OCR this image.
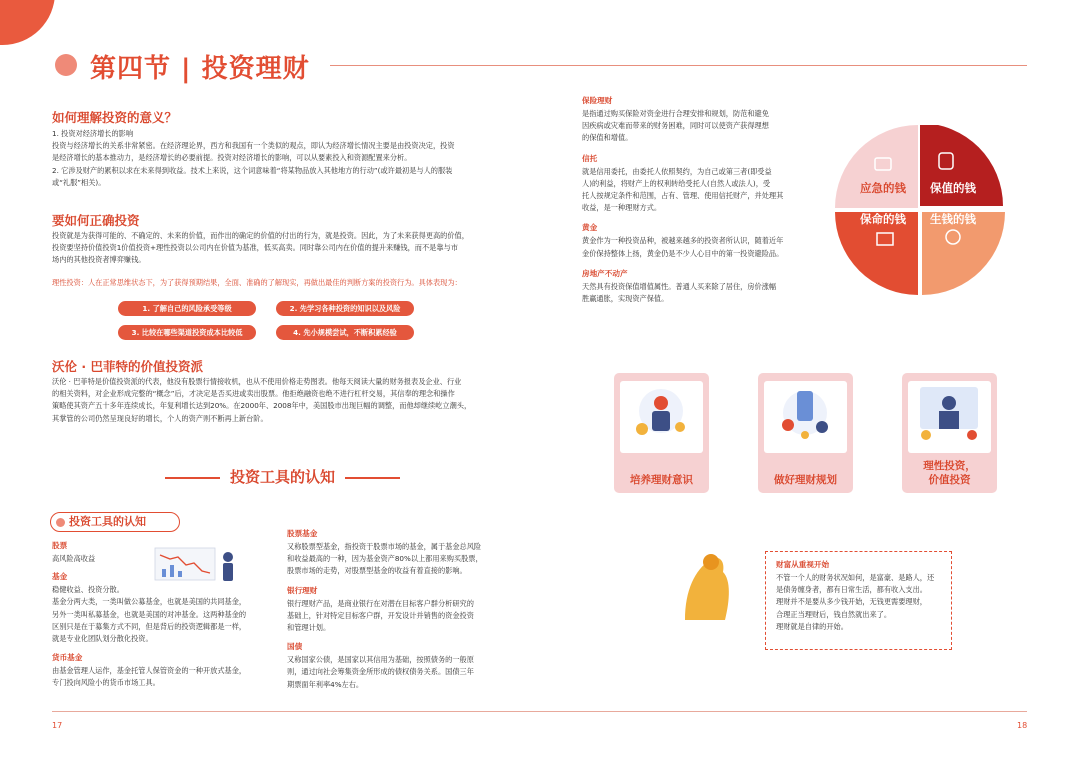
第四节 | 投资理财
如何理解投资的意义？
1. 投资对经济增长的影响
投资与经济增长的关系非常紧密。在经济理论界，西方和我国有一个类似的观点，即认为经济增长情况主要是由投资决定，投资
是经济增长的基本推动力，是经济增长的必要前提。投资对经济增长的影响，可以从要素投入和资源配置来分析。
2. 它涉及财产的累积以求在未来得到收益。技术上来说，这个词意味着“将某物品放入其他地方的行动”(或许最初是与人的服装
或“礼服”相关)。
要如何正确投资
投资就是为获得可能的、不确定的、未来的价值，而作出的确定的价值的付出的行为，就是投资。因此，为了未来获得更高的价值，
投资要坚持价值投资1价值投资+理性投资以公司内在价值为基准，低买高卖。同时靠公司内在价值的提升来赚钱，而不是靠与市
场内的其他投资者博弈赚钱。
理性投资：人在正常思维状态下，为了获得预期结果，全面、准确的了解现实，再做出最佳的判断方案的投资行为。具体表现为：
1. 了解自己的风险承受等级	2. 先学习各种投资的知识以及风险
3. 比较在哪些渠道投资成本比较低	4. 先小规模尝试，不断积累经验
沃伦 · 巴菲特的价值投资派
沃伦 · 巴菲特是价值投资派的代表，他没有股票行情接收机，也从不使用价格走势图表。他每天阅读大量的财务报表及企业、行业
的相关资料，对企业形成完整的“概念”后，才决定是否买进或卖出股票。他拒绝融资也绝不进行杠杆交易，其信奉的理念和操作
策略使其资产五十多年连续成长，年复利增长达到20%。在2000年、2008年中，美国股市出现巨幅的调整，而他却继续屹立潮头，
其掌管的公司仍然呈现良好的增长，个人的资产则不断再上新台阶。
投资工具的认知
投资工具的认知
股票
高风险高收益
基金
稳健收益、投资分散。
基金分两大类，一类叫做公募基金，也就是美国的共同基金，
另外一类叫私募基金，也就是美国的对冲基金。这两种基金的
区别只是在于募集方式不同，但是背后的投资逻辑都是一样，
就是专业化团队划分散化投资。
货币基金
由基金管理人运作，基金托管人保管资金的一种开放式基金，
专门投向风险小的货币市场工具。
股票基金
又称股票型基金，指投资于股票市场的基金，属于基金总风险
和收益最高的一种，因为基金资产80%以上都用来购买股票，
股票市场的走势，对股票型基金的收益有着直接的影响。
银行理财
银行理财产品，是商业银行在对潜在目标客户群分析研究的
基础上，针对特定目标客户群，开发设计并销售的资金投资
和管理计划。
国债
又称国家公债，是国家以其信用为基础，按照债务的一般原
则，通过向社会筹集资金所形成的债权债务关系。国债三年
期票面年利率4%左右。
保险理财
是指通过购买保险对资金进行合理安排和规划，防范和避免
因疾病或灾难而带来的财务困难，同时可以使资产获得理想
的保值和增值。
信托
就是信用委托，由委托人依照契约，为自己或第三者(即受益
人)的利益，将财产上的权利转给受托人(自然人或法人)，受
托人按规定条件和范围，占有、管理、使用信托财产，并处理其
收益，是一种理财方式。
黄金
黄金作为一种投资品种，被越来越多的投资者所认识，随着近年
金价保持整体上扬，黄金仍是不少人心目中的第一投资避险品。
房地产不动产
天然具有投资保值增值属性。普通人买来除了居住，房价涨幅
胜赢通胀，实现资产保值。
应急的钱 保值的钱
保命的钱 生钱的钱
培养理财意识	做好理财规划
理性投资，
价值投资
财富从重视开始
不管一个人的财务状况如何，是富豪、是路人，还
是债务缠身者，都有日常生活，都有收入支出。
理财并不是要从多少钱开始，无钱更需要理财，
合理正当理财后，钱自然就出来了。
理财就是自律的开始。
17	18
